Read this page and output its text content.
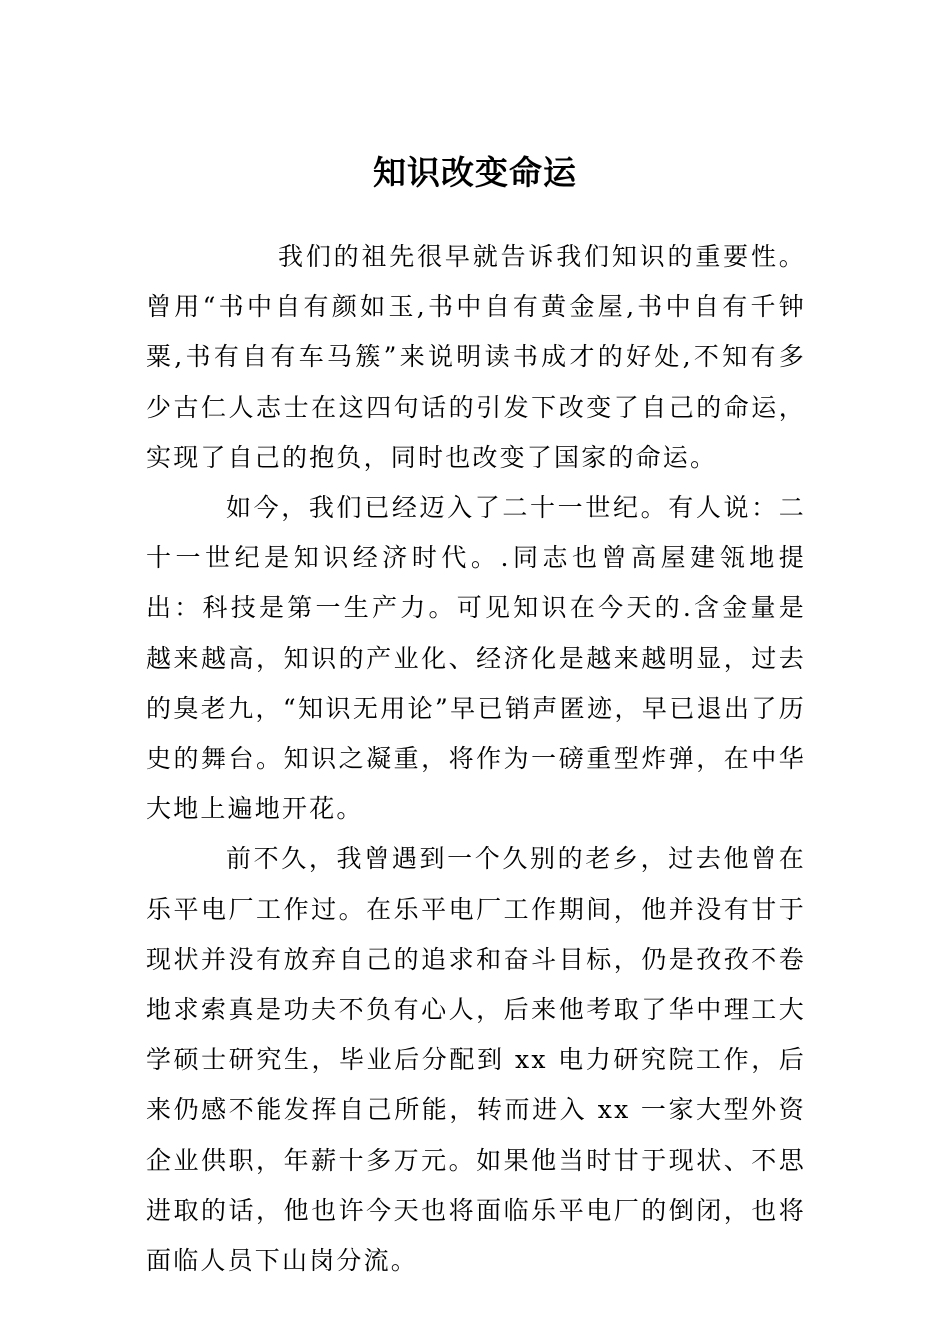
知识改变命运

我们的祖先很早就告诉我们知识的重要性。曾用“书中自有颜如玉,书中自有黄金屋,书中自有千钟粟,书有自有车马簇”来说明读书成才的好处,不知有多少古仁人志士在这四句话的引发下改变了自己的命运，实现了自己的抱负，同时也改变了国家的命运。

如今，我们已经迈入了二十一世纪。有人说：二十一世纪是知识经济时代。.同志也曾高屋建瓴地提出：科技是第一生产力。可见知识在今天的.含金量是越来越高，知识的产业化、经济化是越来越明显，过去的臭老九，“知识无用论”早已销声匿迹，早已退出了历史的舞台。知识之凝重，将作为一磅重型炸弹，在中华大地上遍地开花。

前不久，我曾遇到一个久别的老乡，过去他曾在乐平电厂工作过。在乐平电厂工作期间，他并没有甘于现状并没有放弃自己的追求和奋斗目标，仍是孜孜不卷地求索真是功夫不负有心人，后来他考取了华中理工大学硕士研究生，毕业后分配到 xx 电力研究院工作，后来仍感不能发挥自己所能，转而进入 xx 一家大型外资企业供职，年薪十多万元。如果他当时甘于现状、不思进取的话，他也许今天也将面临乐平电厂的倒闭，也将面临人员下山岗分流。
